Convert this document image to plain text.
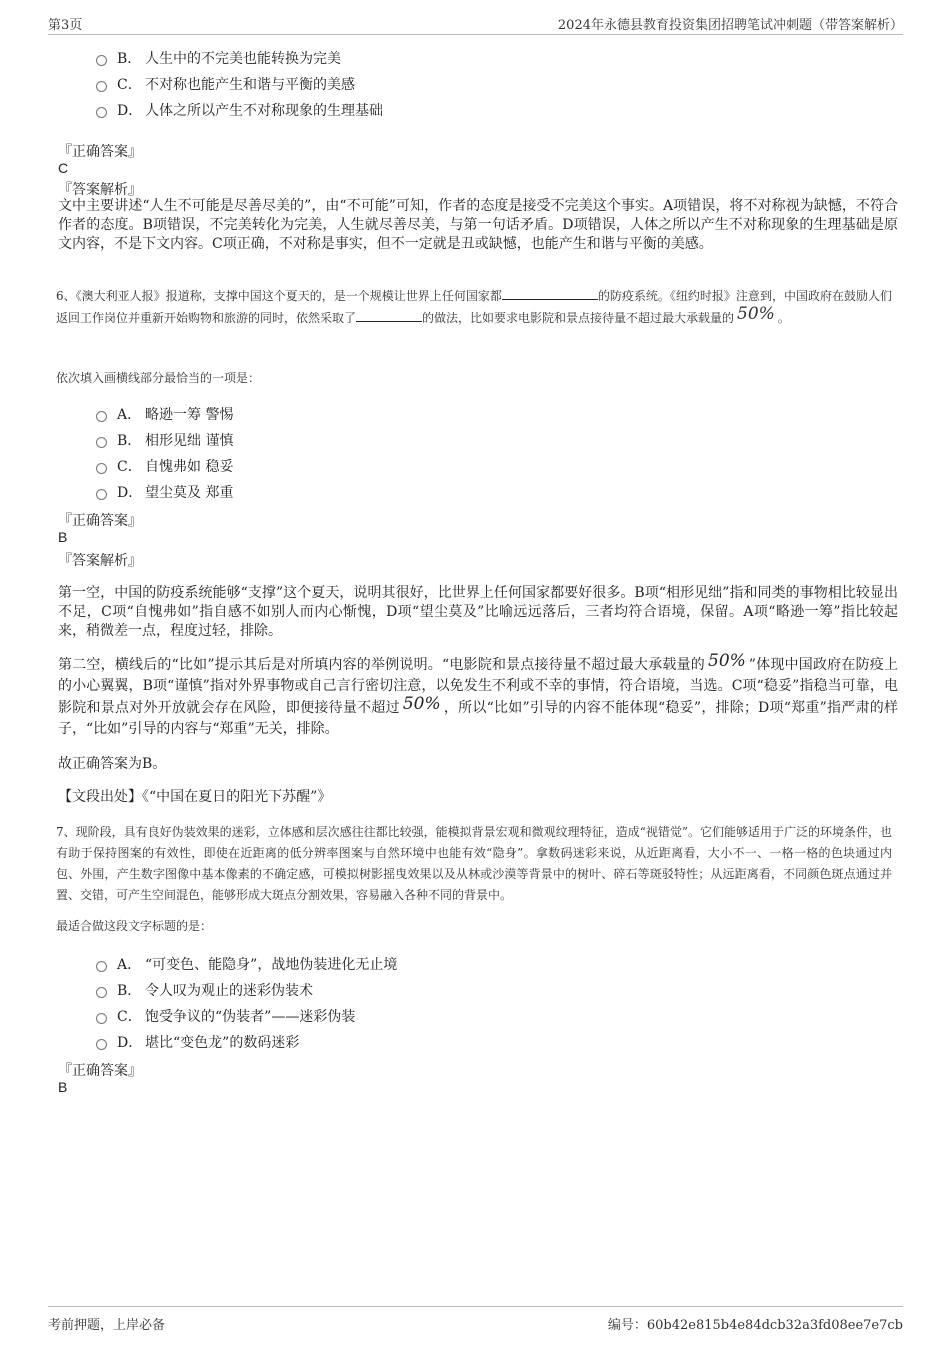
第3页	2024年永德县教育投资集团招聘笔试冲刺题（带答案解析）
B． 人生中的不完美也能转换为完美
C． 不对称也能产生和谐与平衡的美感
D． 人体之所以产生不对称现象的生理基础
『正确答案』
C
『答案解析』
文中主要讲述“人生不可能是尽善尽美的”，由“不可能”可知，作者的态度是接受不完美这个事实。A项错误，将不对称视为缺憾，不符合作者的态度。B项错误，不完美转化为完美，人生就尽善尽美，与第一句话矛盾。D项错误，人体之所以产生不对称现象的生理基础是原文内容，不是下文内容。C项正确，不对称是事实，但不一定就是丑或缺憾，也能产生和谐与平衡的美感。
6、《澳大利亚人报》报道称，支撑中国这个夏天的，是一个规模让世界上任何国家都	的防疫系统。《纽约时报》注意到，中国政府在鼓励人们返回工作岗位并重新开始购物和旅游的同时，依然采取了	的做法，比如要求电影院和景点接待量不超过最大承载量的 50% 。
依次填入画横线部分最恰当的一项是：
A． 略逊一筹 警惕
B． 相形见绌 谨慎
C． 自愧弗如 稳妥
D． 望尘莫及 郑重
『正确答案』
B
『答案解析』
第一空，中国的防疫系统能够“支撑”这个夏天，说明其很好，比世界上任何国家都要好很多。B项“相形见绌”指和同类的事物相比较显出不足，C项“自愧弗如”指自感不如别人而内心惭愧，D项“望尘莫及”比喻远远落后，三者均符合语境，保留。A项“略逊一筹”指比较起来，稍微差一点，程度过轻，排除。
第二空，横线后的“比如”提示其后是对所填内容的举例说明。“电影院和景点接待量不超过最大承载量的 50% ”体现中国政府在防疫上的小心翼翼，B项“谨慎”指对外界事物或自己言行密切注意，以免发生不利或不幸的事情，符合语境，当选。C项“稳妥”指稳当可靠，电影院和景点对外开放就会存在风险，即便接待量不超过 50% ，所以“比如”引导的内容不能体现“稳妥”，排除；D项“郑重”指严肃的样子，“比如”引导的内容与“郑重”无关，排除。
故正确答案为B。
【文段出处】《“中国在夏日的阳光下苏醒”》
7、现阶段，具有良好伪装效果的迷彩，立体感和层次感往往都比较强，能模拟背景宏观和微观纹理特征，造成“视错觉”。它们能够适用于广泛的环境条件，也有助于保持图案的有效性，即使在近距离的低分辨率图案与自然环境中也能有效“隐身”。拿数码迷彩来说，从近距离看，大小不一、一格一格的色块通过内包、外围，产生数字图像中基本像素的不确定感，可模拟树影摇曳效果以及从林或沙漠等背景中的树叶、碎石等斑驳特性；从远距离看，不同颜色斑点通过并置、交错，可产生空间混色，能够形成大斑点分割效果，容易融入各种不同的背景中。
最适合做这段文字标题的是：
A． “可变色、能隐身”，战地伪装进化无止境
B． 令人叹为观止的迷彩伪装术
C． 饱受争议的“伪装者”——迷彩伪装
D． 堪比“变色龙”的数码迷彩
『正确答案』
B
考前押题，上岸必备	编号：60b42e815b4e84dcb32a3fd08ee7e7cb
